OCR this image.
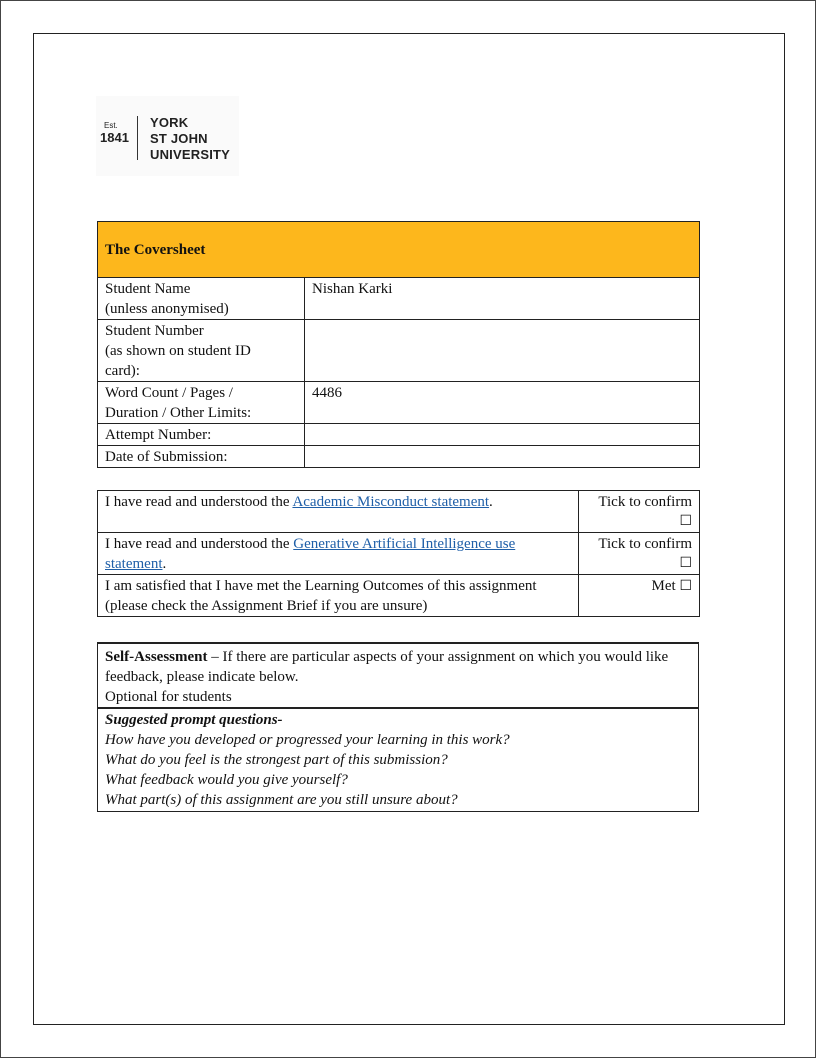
Est.
1841
YORK
ST JOHN
UNIVERSITY
The Coversheet	

Student Name
(unless anonymised)	Nishan Karki

Student Number
(as shown on student ID
card):	

Word Count / Pages /
Duration / Other Limits:	4486
Attempt Number:	
Date of Submission:	
I have read and understood the Academic Misconduct statement.	Tick to confirm
☐

I have read and understood the Generative Artificial Intelligence use statement.	Tick to confirm
☐

I am satisfied that I have met the Learning Outcomes of this assignment
(please check the Assignment Brief if you are unsure)	Met ☐
Self-Assessment – If there are particular aspects of your assignment on which you would like feedback, please indicate below.
Optional for students

Suggested prompt questions-
How have you developed or progressed your learning in this work?
What do you feel is the strongest part of this submission?
What feedback would you give yourself?
What part(s) of this assignment are you still unsure about?
